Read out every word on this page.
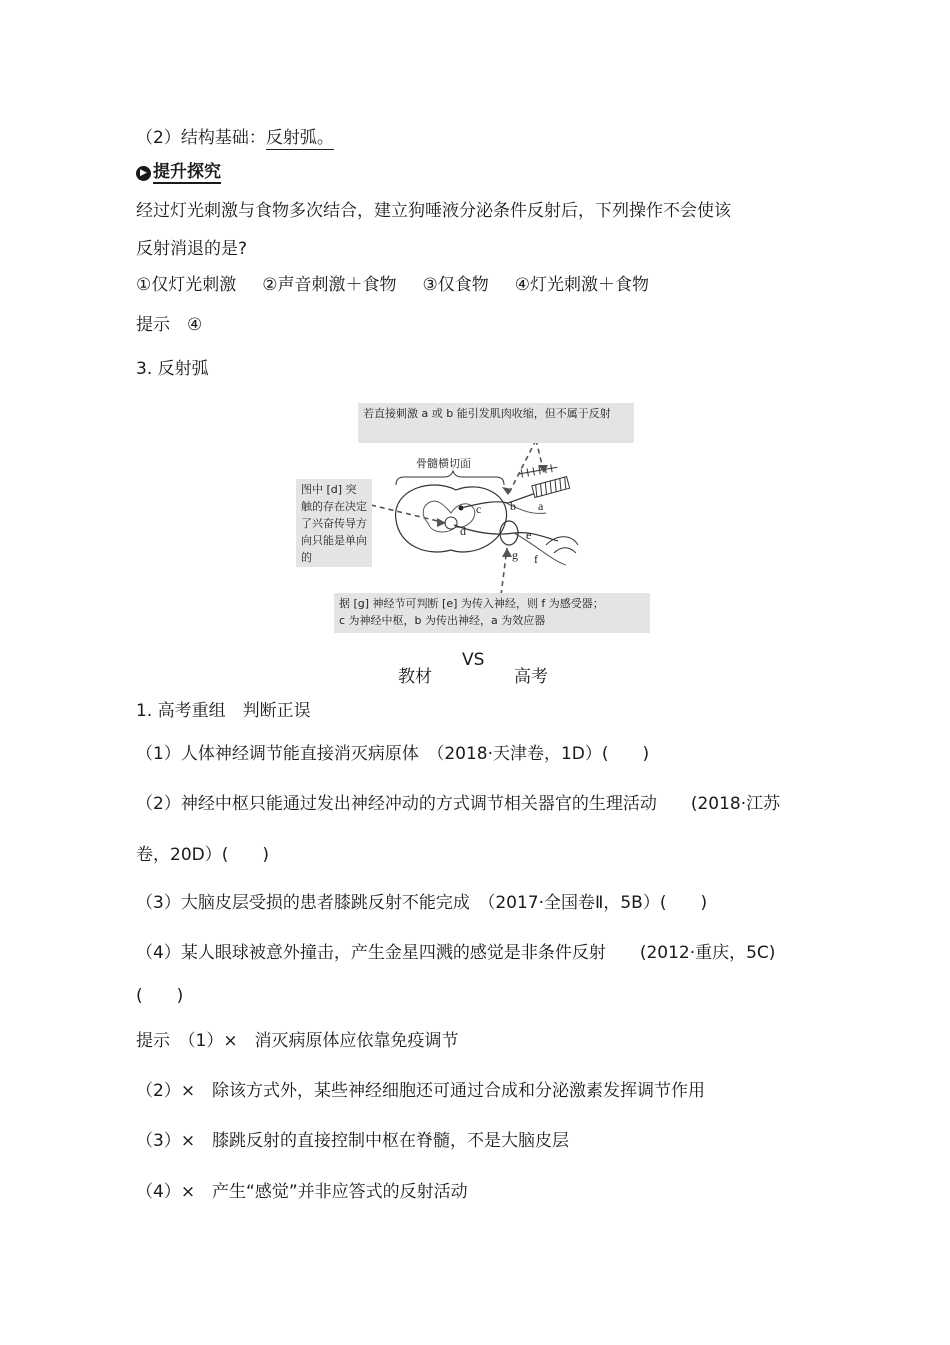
（2）结构基础：反射弧。
▶ 提升探究
经过灯光刺激与食物多次结合，建立狗唾液分泌条件反射后，下列操作不会使该
反射消退的是?
①仅灯光刺激 ②声音刺激＋食物 ③仅食物 ④灯光刺激＋食物
提示　 ④
3. 反射弧
a
b
c
d	e
f
g
骨髓横切面
若直接刺激 a 或 b 能引发肌肉收缩，但不属于反射
图中 [d] 突触的存在决定了兴奋传导方向只能是单向的
据 [g] 神经节可判断 [e] 为传入神经，则 f 为感受器；
c 为神经中枢，b 为传出神经，a 为效应器
教材
VS
高考
1. 高考重组　判断正误
（1）人体神经调节能直接消灭病原体　（2018·天津卷，1D）(　　)
（2）神经中枢只能通过发出神经冲动的方式调节相关器官的生理活动　　(2018·江苏
卷，20D）(　　)
（3）大脑皮层受损的患者膝跳反射不能完成　（2017·全国卷Ⅱ，5B）(　　)
（4）某人眼球被意外撞击，产生金星四溅的感觉是非条件反射　　(2012·重庆，5C)
(　　)
提示　（1）×　消灭病原体应依靠免疫调节
（2）×　除该方式外，某些神经细胞还可通过合成和分泌激素发挥调节作用
（3）×　膝跳反射的直接控制中枢在脊髓，不是大脑皮层
（4）×　产生“感觉”并非应答式的反射活动
